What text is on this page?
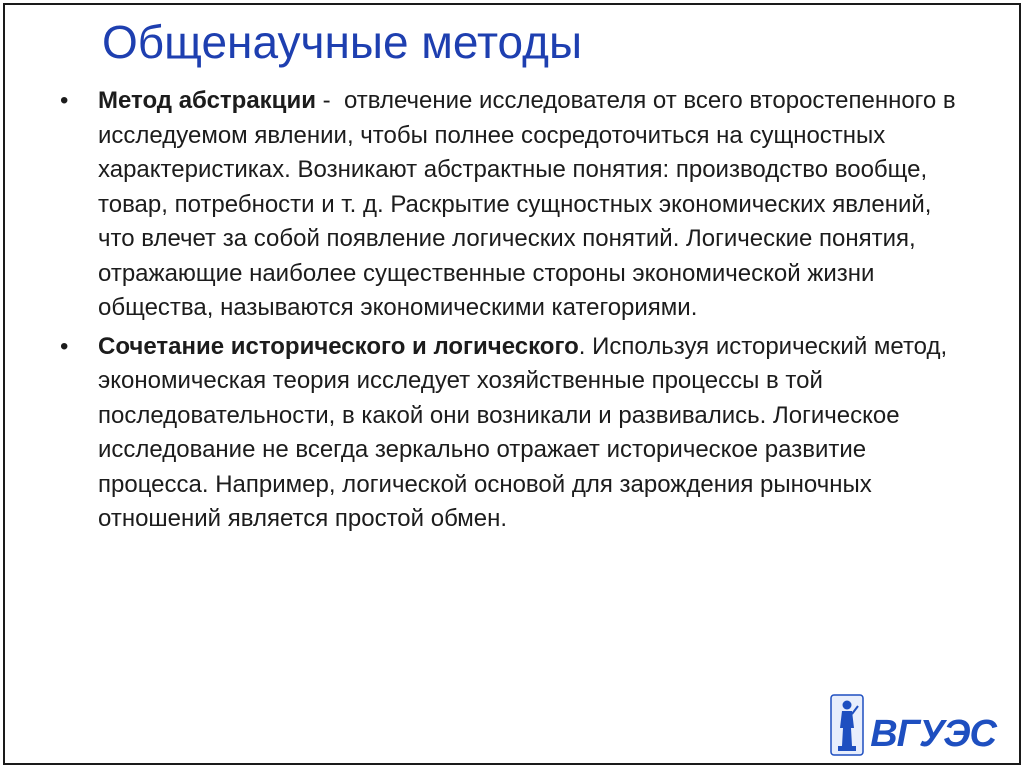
Общенаучные методы
• Метод абстракции -  отвлечение исследователя от всего второстепенного в исследуемом явлении, чтобы полнее сосредоточиться на сущностных характеристиках. Возникают абстрактные понятия: производство вообще, товар, потребности и т. д. Раскрытие сущностных экономических явлений, что влечет за собой появление логических понятий. Логические понятия, отражающие наиболее существенные стороны экономической жизни общества, называются экономическими категориями.
• Сочетание исторического и логического. Используя исторический метод, экономическая теория исследует хозяйственные процессы в той последовательности, в какой они возникали и развивались. Логическое исследование не всегда зеркально отражает историческое развитие процесса. Например, логической основой для зарождения рыночных отношений является простой обмен.
ВГУЭС
